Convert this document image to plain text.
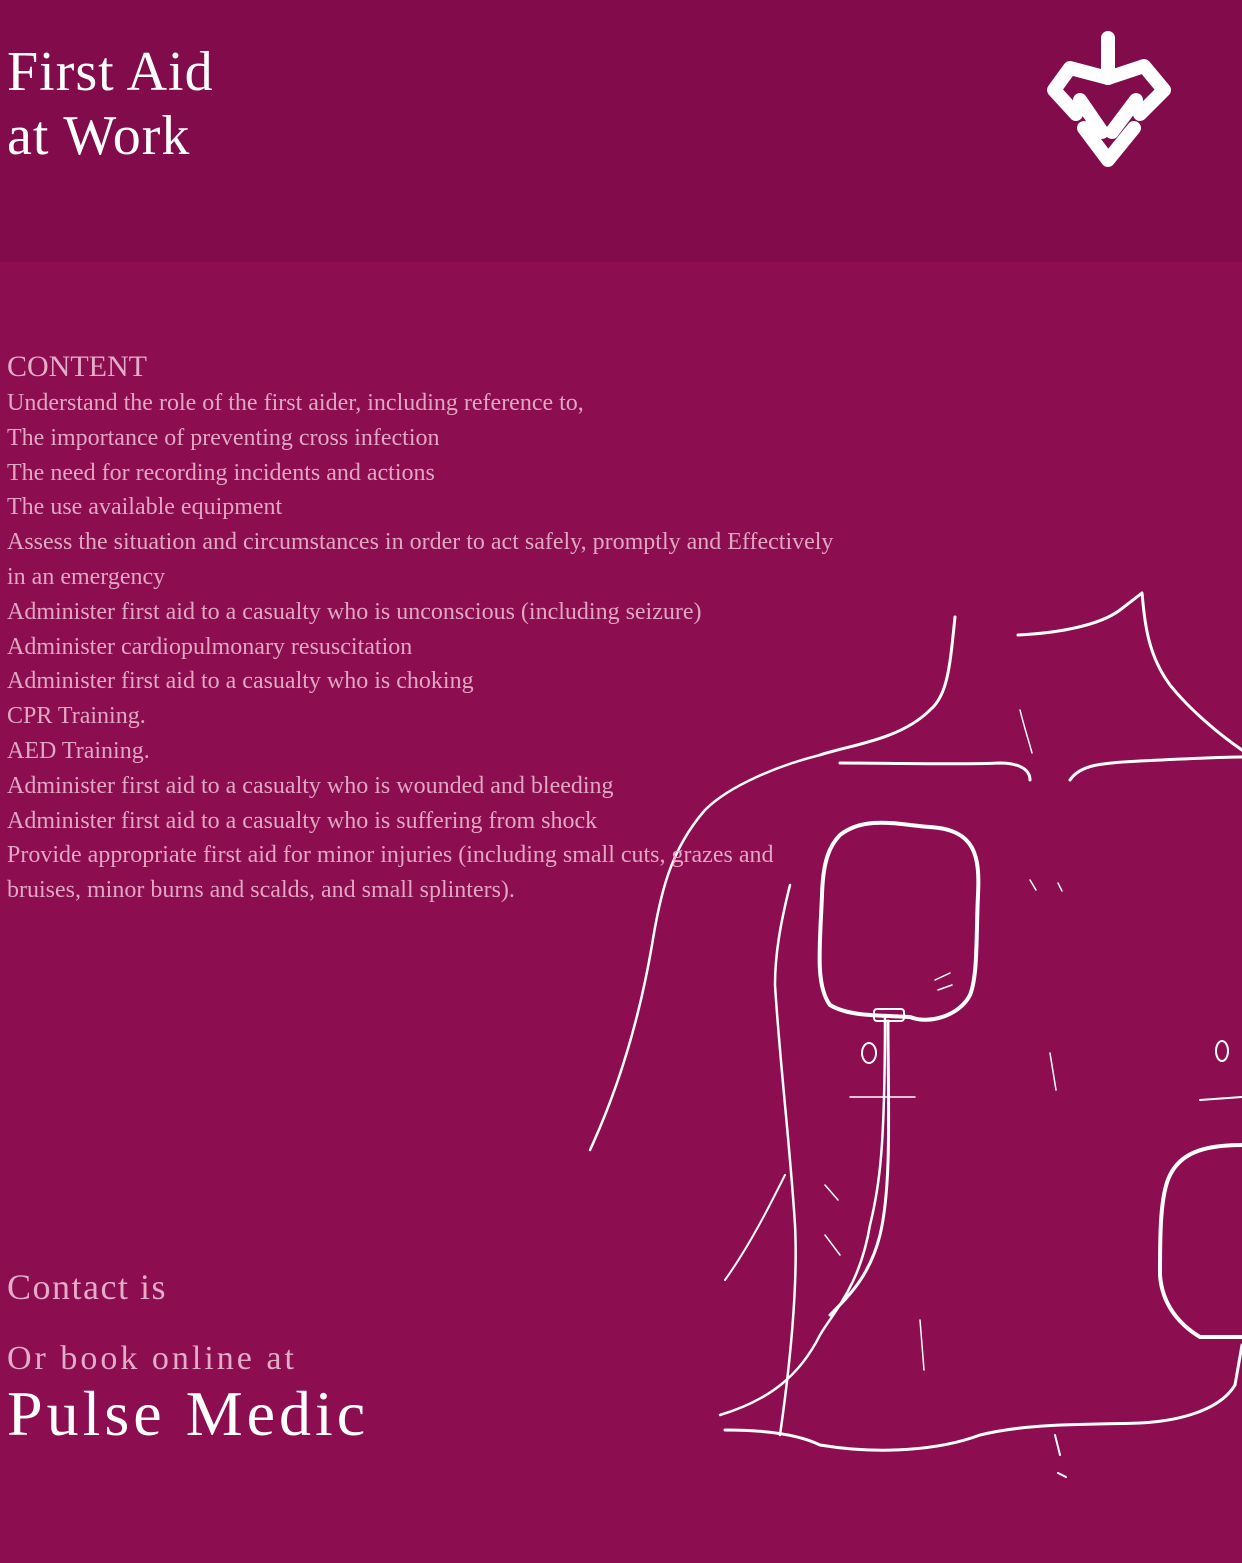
First Aid
at Work
CONTENT
Understand the role of the first aider, including reference to,
The importance of preventing cross infection
The need for recording incidents and actions
The use available equipment
Assess the situation and circumstances in order to act safely, promptly and Effectively
in an emergency
Administer first aid to a casualty who is unconscious (including seizure)
Administer cardiopulmonary resuscitation
Administer first aid to a casualty who is choking
CPR Training.
AED Training.
Administer first aid to a casualty who is wounded and bleeding
Administer first aid to a casualty who is suffering from shock
Provide appropriate first aid for minor injuries (including small cuts, grazes and
bruises, minor burns and scalds, and small splinters).

Contact is

Or book online at

Pulse Medic
